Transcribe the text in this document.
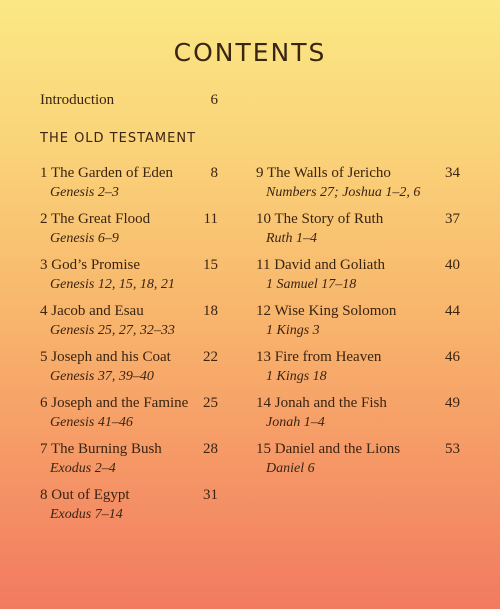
CONTENTS
Introduction	6
THE OLD TESTAMENT
1 The Garden of Eden	8
Genesis 2–3
2 The Great Flood	11
Genesis 6–9
3 God’s Promise	15
Genesis 12, 15, 18, 21
4 Jacob and Esau	18
Genesis 25, 27, 32–33
5 Joseph and his Coat	22
Genesis 37, 39–40
6 Joseph and the Famine 25
Genesis 41–46
7 The Burning Bush	28
Exodus 2–4
8 Out of Egypt	31
Exodus 7–14
9 The Walls of Jericho	34
Numbers 27; Joshua 1–2, 6
10 The Story of Ruth	37
Ruth 1–4
11 David and Goliath	40
1 Samuel 17–18
12 Wise King Solomon	44
1 Kings 3
13 Fire from Heaven	46
1 Kings 18
14 Jonah and the Fish	49
Jonah 1–4
15 Daniel and the Lions	53
Daniel 6
